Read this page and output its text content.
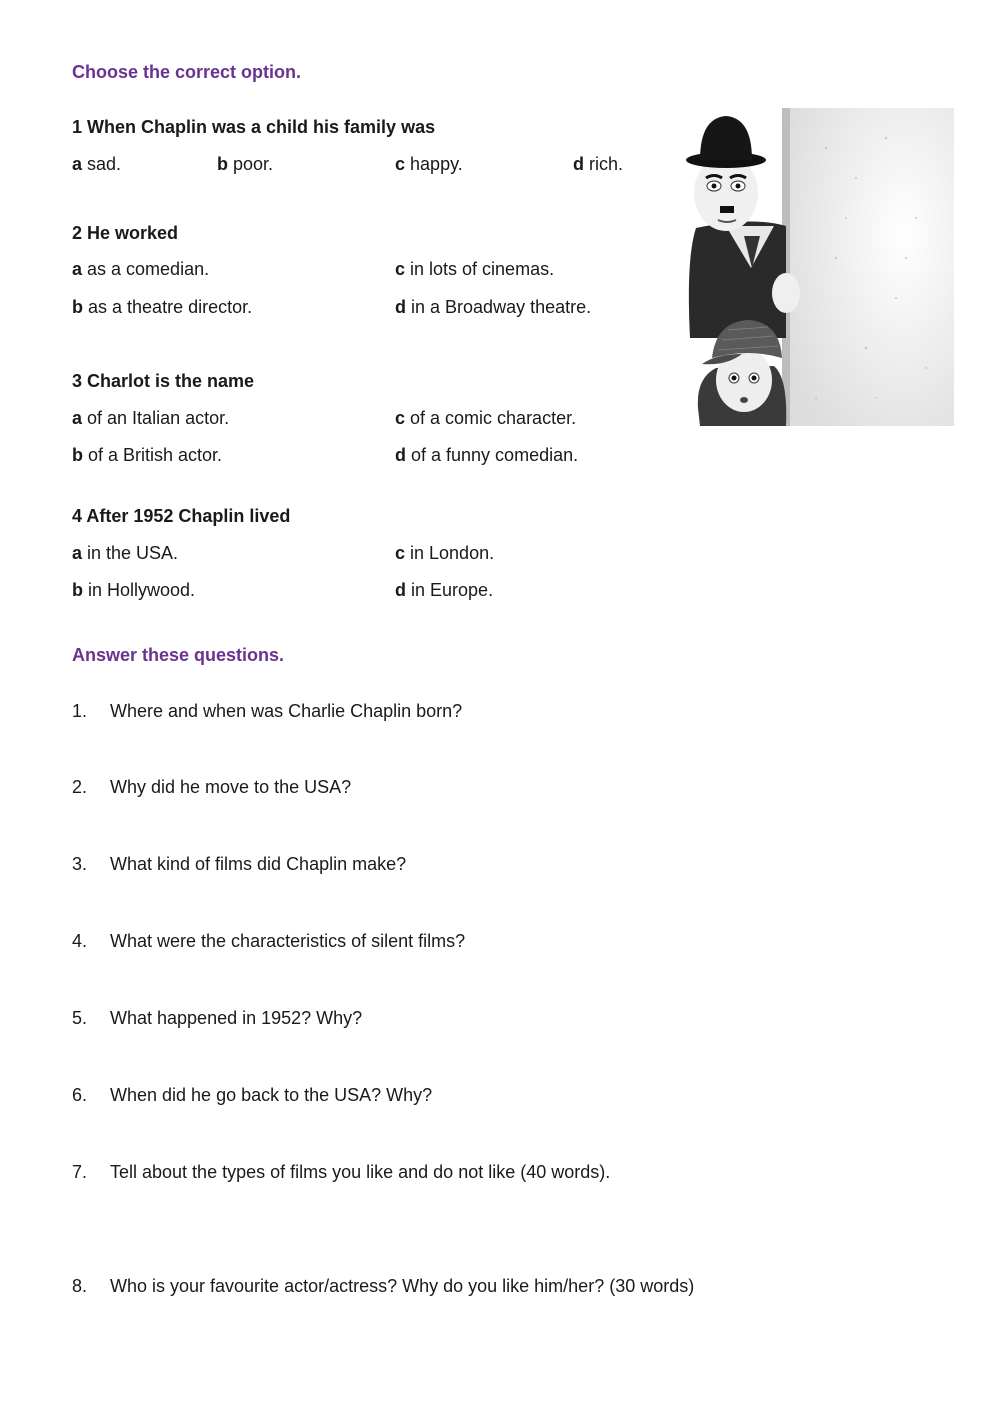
Choose the correct option.
1 When Chaplin was a child his family was
a sad.	b poor.	c happy.	d rich.
2 He worked
a as a comedian.	c in lots of cinemas.
b as a theatre director.	d in a Broadway theatre.
3 Charlot is the name
a of an Italian actor.	c of a comic character.
b of a British actor.	d of a funny comedian.
4 After 1952 Chaplin lived
a in the USA.	c in London.
b in Hollywood.	d in Europe.
Answer these questions.
1. Where and when was Charlie Chaplin born?
2. Why did he move to the USA?
3. What kind of films did Chaplin make?
4. What were the characteristics of silent films?
5. What happened in 1952? Why?
6. When did he go back to the USA? Why?
7. Tell about the types of films you like and do not like (40 words).
8. Who is your favourite actor/actress? Why do you like him/her? (30 words)
